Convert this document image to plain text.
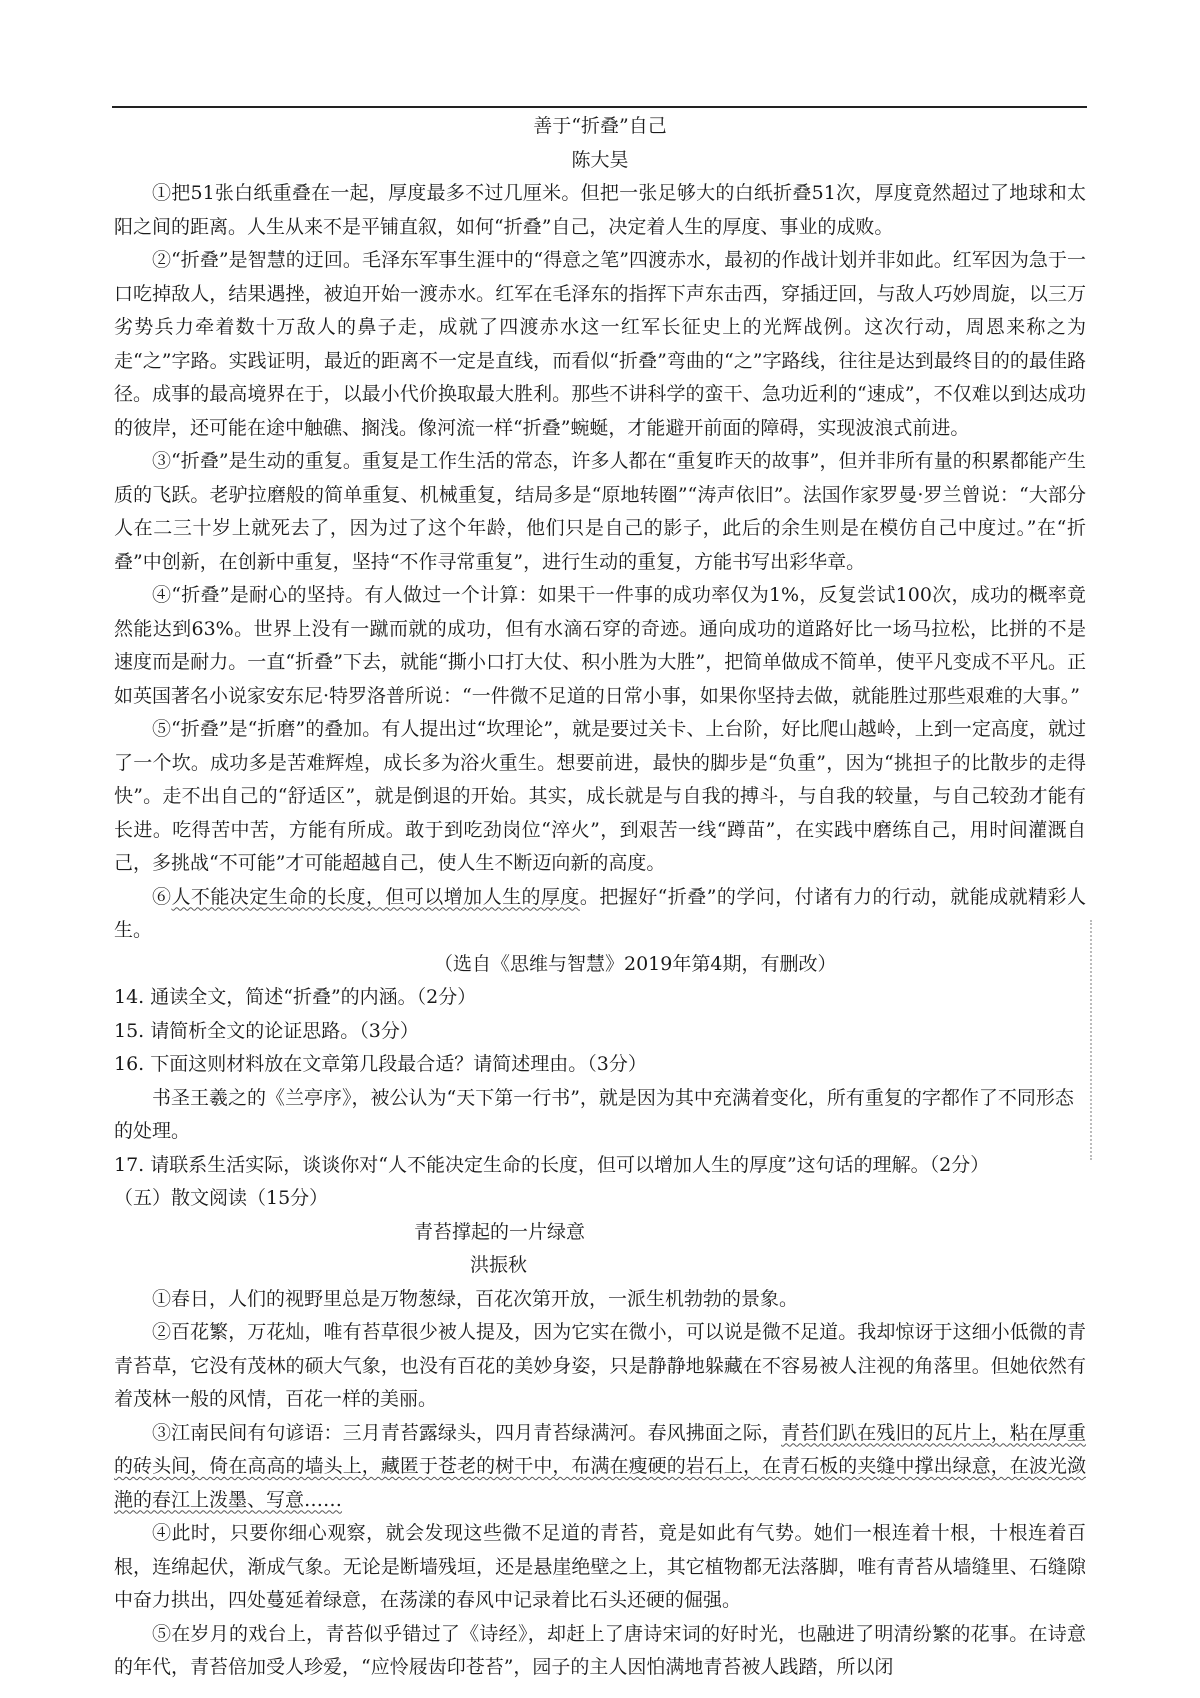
善于“折叠”自己

陈大昊

①把51张白纸重叠在一起，厚度最多不过几厘米。但把一张足够大的白纸折叠51次，厚度竟然超过了地球和太阳之间的距离。人生从来不是平铺直叙，如何“折叠”自己，决定着人生的厚度、事业的成败。

②“折叠”是智慧的迂回。毛泽东军事生涯中的“得意之笔”四渡赤水，最初的作战计划并非如此。红军因为急于一口吃掉敌人，结果遇挫，被迫开始一渡赤水。红军在毛泽东的指挥下声东击西，穿插迂回，与敌人巧妙周旋，以三万劣势兵力牵着数十万敌人的鼻子走，成就了四渡赤水这一红军长征史上的光辉战例。这次行动，周恩来称之为走“之”字路。实践证明，最近的距离不一定是直线，而看似“折叠”弯曲的“之”字路线，往往是达到最终目的的最佳路径。成事的最高境界在于，以最小代价换取最大胜利。那些不讲科学的蛮干、急功近利的“速成”，不仅难以到达成功的彼岸，还可能在途中触礁、搁浅。像河流一样“折叠”蜿蜒，才能避开前面的障碍，实现波浪式前进。

③“折叠”是生动的重复。重复是工作生活的常态，许多人都在“重复昨天的故事”，但并非所有量的积累都能产生质的飞跃。老驴拉磨般的简单重复、机械重复，结局多是“原地转圈”“涛声依旧”。法国作家罗曼·罗兰曾说：“大部分人在二三十岁上就死去了，因为过了这个年龄，他们只是自己的影子，此后的余生则是在模仿自己中度过。”在“折叠”中创新，在创新中重复，坚持“不作寻常重复”，进行生动的重复，方能书写出彩华章。

④“折叠”是耐心的坚持。有人做过一个计算：如果干一件事的成功率仅为1%，反复尝试100次，成功的概率竟然能达到63%。世界上没有一蹴而就的成功，但有水滴石穿的奇迹。通向成功的道路好比一场马拉松，比拼的不是速度而是耐力。一直“折叠”下去，就能“撕小口打大仗、积小胜为大胜”，把简单做成不简单，使平凡变成不平凡。正如英国著名小说家安东尼·特罗洛普所说：“一件微不足道的日常小事，如果你坚持去做，就能胜过那些艰难的大事。”

⑤“折叠”是“折磨”的叠加。有人提出过“坎理论”，就是要过关卡、上台阶，好比爬山越岭，上到一定高度，就过了一个坎。成功多是苦难辉煌，成长多为浴火重生。想要前进，最快的脚步是“负重”，因为“挑担子的比散步的走得快”。走不出自己的“舒适区”，就是倒退的开始。其实，成长就是与自我的搏斗，与自我的较量，与自己较劲才能有长进。吃得苦中苦，方能有所成。敢于到吃劲岗位“淬火”，到艰苦一线“蹲苗”，在实践中磨练自己，用时间灌溉自己，多挑战“不可能”才可能超越自己，使人生不断迈向新的高度。

⑥人不能决定生命的长度，但可以增加人生的厚度。把握好“折叠”的学问，付诸有力的行动，就能成就精彩人生。

（选自《思维与智慧》2019年第4期，有删改）

14. 通读全文，简述“折叠”的内涵。（2分）

15. 请简析全文的论证思路。（3分）

16. 下面这则材料放在文章第几段最合适？请简述理由。（3分）

书圣王羲之的《兰亭序》，被公认为“天下第一行书”，就是因为其中充满着变化，所有重复的字都作了不同形态的处理。

17. 请联系生活实际，谈谈你对“人不能决定生命的长度，但可以增加人生的厚度”这句话的理解。（2分）

（五）散文阅读（15分）

青苔撑起的一片绿意

洪振秋

①春日，人们的视野里总是万物葱绿，百花次第开放，一派生机勃勃的景象。

②百花繁，万花灿，唯有苔草很少被人提及，因为它实在微小，可以说是微不足道。我却惊讶于这细小低微的青青苔草，它没有茂林的硕大气象，也没有百花的美妙身姿，只是静静地躲藏在不容易被人注视的角落里。但她依然有着茂林一般的风情，百花一样的美丽。

③江南民间有句谚语：三月青苔露绿头，四月青苔绿满河。春风拂面之际，青苔们趴在残旧的瓦片上，粘在厚重的砖头间，倚在高高的墙头上，藏匿于苍老的树干中，布满在瘦硬的岩石上，在青石板的夹缝中撑出绿意，在波光潋滟的春江上泼墨、写意……

④此时，只要你细心观察，就会发现这些微不足道的青苔，竟是如此有气势。她们一根连着十根，十根连着百根，连绵起伏，渐成气象。无论是断墙残垣，还是悬崖绝壁之上，其它植物都无法落脚，唯有青苔从墙缝里、石缝隙中奋力拱出，四处蔓延着绿意，在荡漾的春风中记录着比石头还硬的倔强。

⑤在岁月的戏台上，青苔似乎错过了《诗经》，却赶上了唐诗宋词的好时光，也融进了明清纷繁的花事。在诗意的年代，青苔倍加受人珍爱，“应怜屐齿印苍苔”，园子的主人因怕满地青苔被人践踏，所以闭
